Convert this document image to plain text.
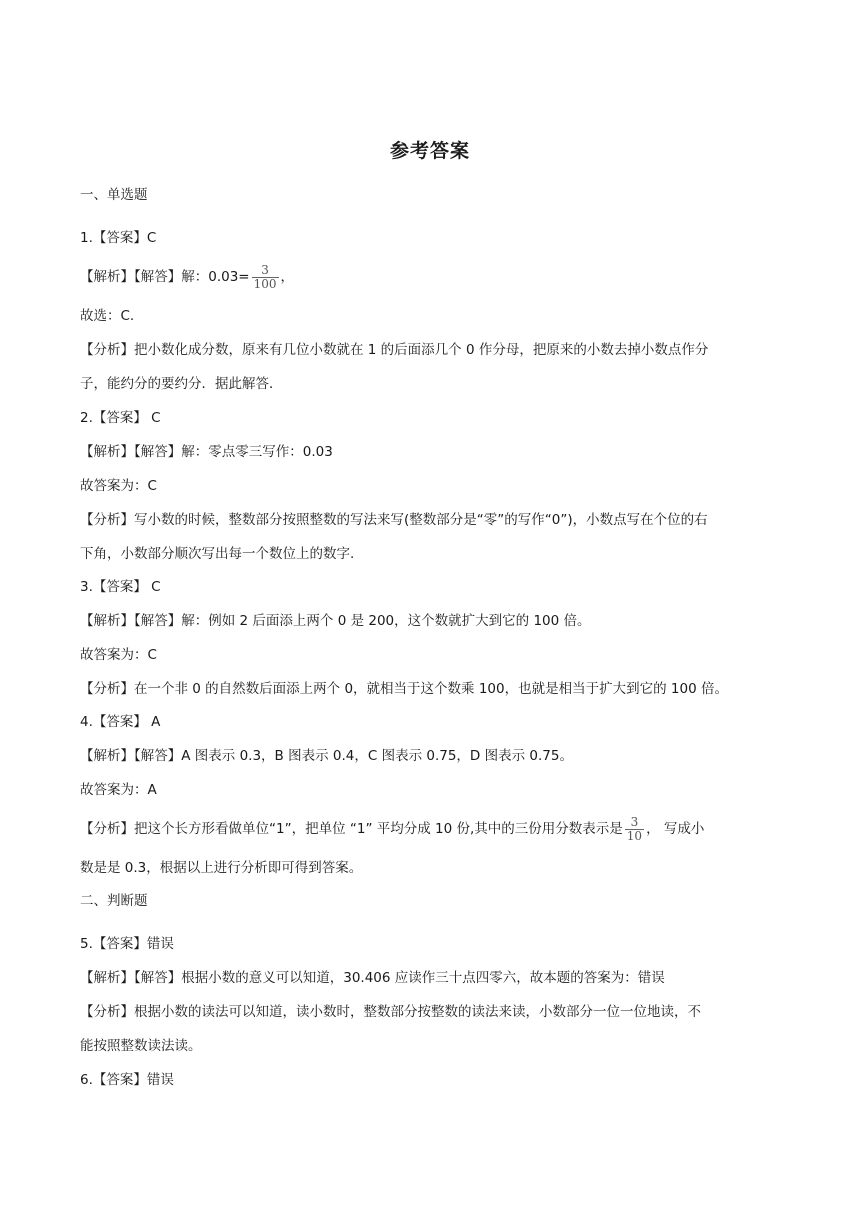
参考答案
一、单选题
1.【答案】C
【解析】【解答】解：$0.03= \frac{3}{100}$ ，
故选：C.
【分析】把小数化成分数，原来有几位小数就在 1 的后面添几个 0 作分母，把原来的小数去掉小数点作分
子，能约分的要约分．据此解答．
2.【答案】 C
【解析】【解答】解：零点零三写作：0.03
故答案为：C
【分析】写小数的时候，整数部分按照整数的写法来写(整数部分是“零”的写作“0”)，小数点写在个位的右
下角，小数部分顺次写出每一个数位上的数字.
3.【答案】 C
【解析】【解答】解：例如 2 后面添上两个 0 是 200，这个数就扩大到它的 100 倍。
故答案为：C
【分析】在一个非 0 的自然数后面添上两个 0，就相当于这个数乘 100，也就是相当于扩大到它的 100 倍。
4.【答案】 A
【解析】【解答】A 图表示 0.3，B 图表示 0.4，C 图表示 0.75，D 图表示 0.75。
故答案为：A
【分析】把这个长方形看做单位“1”，把单位 “1” 平均分成 10 份,其中的三份用分数表示是 $\frac{3}{10}$ ， 写成小
数是是 0.3，根据以上进行分析即可得到答案。
二、判断题
5.【答案】错误
【解析】【解答】根据小数的意义可以知道，30.406 应读作三十点四零六，故本题的答案为：错误
【分析】根据小数的读法可以知道，读小数时，整数部分按整数的读法来读，小数部分一位一位地读，不
能按照整数读法读。
6.【答案】错误
